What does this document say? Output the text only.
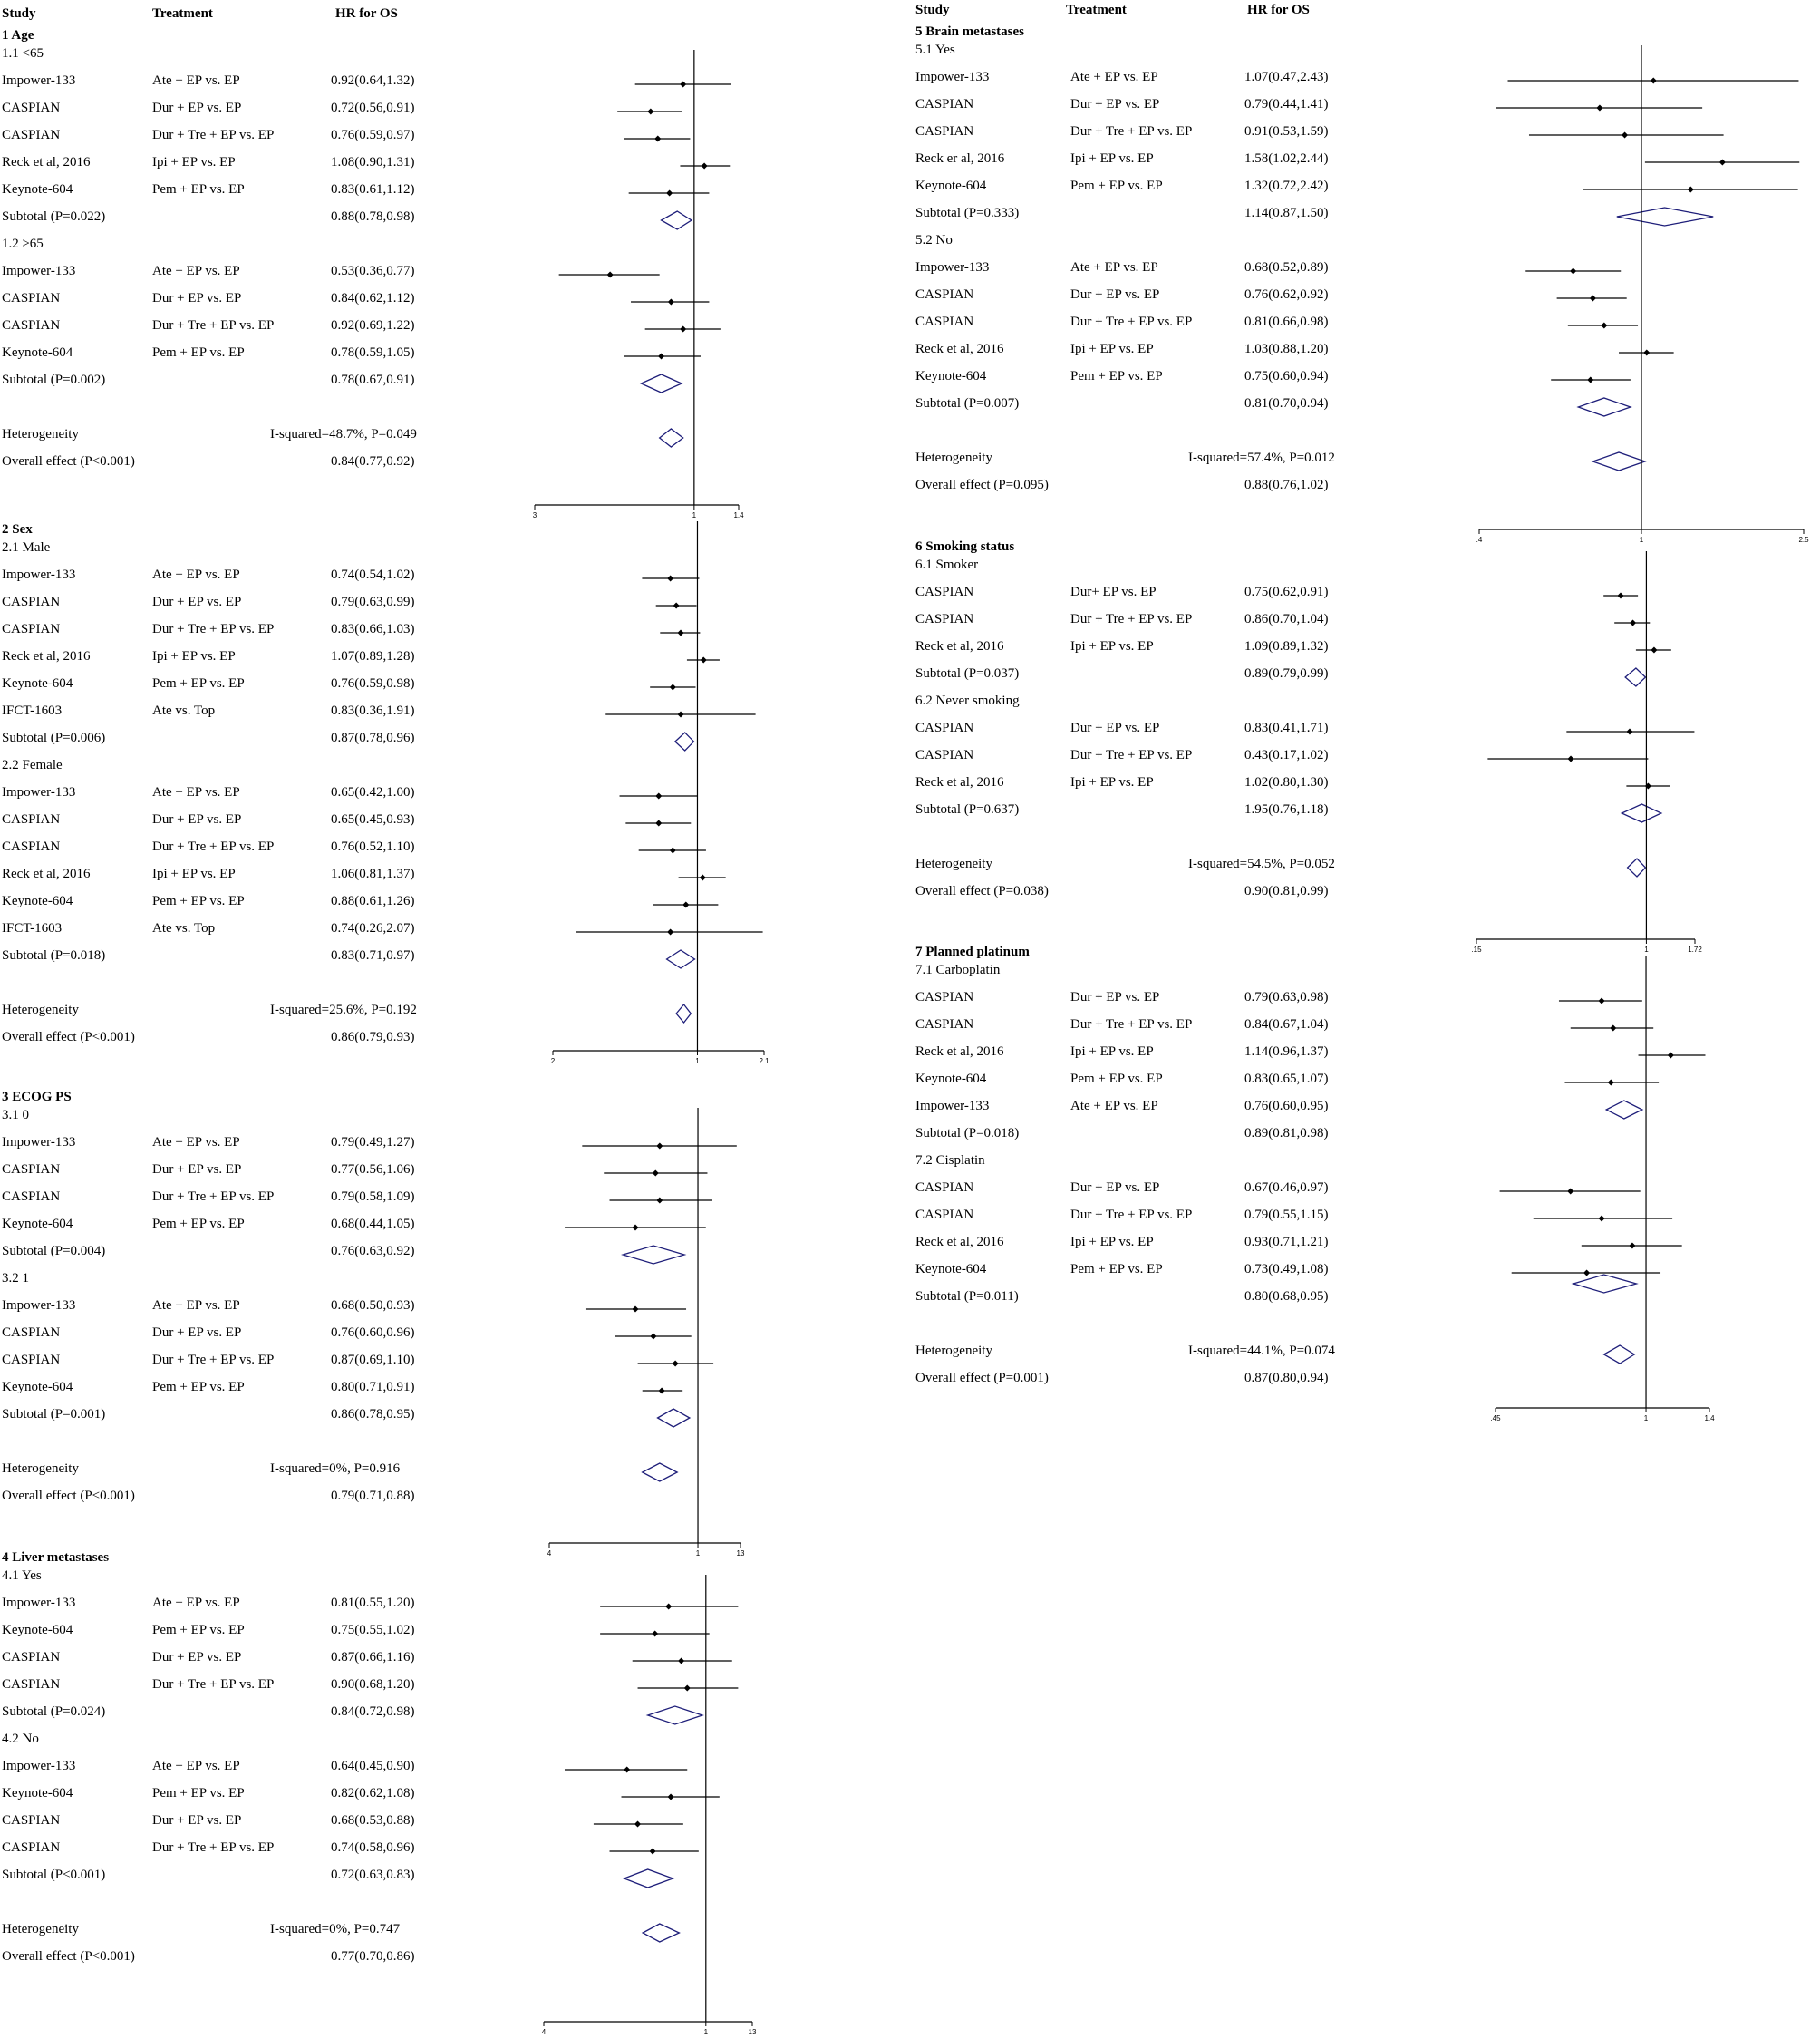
Study	Treatment	HR for OS	Study	Treatment	HR for OS
1 Age
3	1	1.4
1.1 <65
Impower-133	Ate + EP vs. EP	0.92(0.64,1.32)
CASPIAN	Dur + EP vs. EP	0.72(0.56,0.91)
CASPIAN	Dur + Tre + EP vs. EP	0.76(0.59,0.97)
Reck et al, 2016	Ipi + EP vs. EP	1.08(0.90,1.31)
Keynote-604	Pem + EP vs. EP	0.83(0.61,1.12)
Subtotal (P=0.022)	0.88(0.78,0.98)
1.2 ≥65
Impower-133	Ate + EP vs. EP	0.53(0.36,0.77)
CASPIAN	Dur + EP vs. EP	0.84(0.62,1.12)
CASPIAN	Dur + Tre + EP vs. EP	0.92(0.69,1.22)
Keynote-604	Pem + EP vs. EP	0.78(0.59,1.05)
Subtotal (P=0.002)	0.78(0.67,0.91)
Heterogeneity	I-squared=48.7%, P=0.049
Overall effect (P<0.001)	0.84(0.77,0.92)
2 Sex
2	1	2.1
2.1 Male
Impower-133	Ate + EP vs. EP	0.74(0.54,1.02)
CASPIAN	Dur + EP vs. EP	0.79(0.63,0.99)
CASPIAN	Dur + Tre + EP vs. EP	0.83(0.66,1.03)
Reck et al, 2016	Ipi + EP vs. EP	1.07(0.89,1.28)
Keynote-604	Pem + EP vs. EP	0.76(0.59,0.98)
IFCT-1603	Ate vs. Top	0.83(0.36,1.91)
Subtotal (P=0.006)	0.87(0.78,0.96)
2.2 Female
Impower-133	Ate + EP vs. EP	0.65(0.42,1.00)
CASPIAN	Dur + EP vs. EP	0.65(0.45,0.93)
CASPIAN	Dur + Tre + EP vs. EP	0.76(0.52,1.10)
Reck et al, 2016	Ipi + EP vs. EP	1.06(0.81,1.37)
Keynote-604	Pem + EP vs. EP	0.88(0.61,1.26)
IFCT-1603	Ate vs. Top	0.74(0.26,2.07)
Subtotal (P=0.018)	0.83(0.71,0.97)
Heterogeneity	I-squared=25.6%, P=0.192
Overall effect (P<0.001)	0.86(0.79,0.93)
3 ECOG PS
4	1	13
3.1 0
Impower-133	Ate + EP vs. EP	0.79(0.49,1.27)
CASPIAN	Dur + EP vs. EP	0.77(0.56,1.06)
CASPIAN	Dur + Tre + EP vs. EP	0.79(0.58,1.09)
Keynote-604	Pem + EP vs. EP	0.68(0.44,1.05)
Subtotal (P=0.004)	0.76(0.63,0.92)
3.2 1
Impower-133	Ate + EP vs. EP	0.68(0.50,0.93)
CASPIAN	Dur + EP vs. EP	0.76(0.60,0.96)
CASPIAN	Dur + Tre + EP vs. EP	0.87(0.69,1.10)
Keynote-604	Pem + EP vs. EP	0.80(0.71,0.91)
Subtotal (P=0.001)	0.86(0.78,0.95)
Heterogeneity	I-squared=0%, P=0.916
Overall effect (P<0.001)	0.79(0.71,0.88)
4 Liver metastases
4	1	13
4.1 Yes
Impower-133	Ate + EP vs. EP	0.81(0.55,1.20)
Keynote-604	Pem + EP vs. EP	0.75(0.55,1.02)
CASPIAN	Dur + EP vs. EP	0.87(0.66,1.16)
CASPIAN	Dur + Tre + EP vs. EP	0.90(0.68,1.20)
Subtotal (P=0.024)	0.84(0.72,0.98)
4.2 No
Impower-133	Ate + EP vs. EP	0.64(0.45,0.90)
Keynote-604	Pem + EP vs. EP	0.82(0.62,1.08)
CASPIAN	Dur + EP vs. EP	0.68(0.53,0.88)
CASPIAN	Dur + Tre + EP vs. EP	0.74(0.58,0.96)
Subtotal (P<0.001)	0.72(0.63,0.83)
Heterogeneity	I-squared=0%, P=0.747
Overall effect (P<0.001)	0.77(0.70,0.86)
5 Brain metastases
.4	1	2.5
5.1 Yes
Impower-133	Ate + EP vs. EP	1.07(0.47,2.43)
CASPIAN	Dur + EP vs. EP	0.79(0.44,1.41)
CASPIAN	Dur + Tre + EP vs. EP	0.91(0.53,1.59)
Reck er al, 2016	Ipi + EP vs. EP	1.58(1.02,2.44)
Keynote-604	Pem + EP vs. EP	1.32(0.72,2.42)
Subtotal (P=0.333)	1.14(0.87,1.50)
5.2 No
Impower-133	Ate + EP vs. EP	0.68(0.52,0.89)
CASPIAN	Dur + EP vs. EP	0.76(0.62,0.92)
CASPIAN	Dur + Tre + EP vs. EP	0.81(0.66,0.98)
Reck et al, 2016	Ipi + EP vs. EP	1.03(0.88,1.20)
Keynote-604	Pem + EP vs. EP	0.75(0.60,0.94)
Subtotal (P=0.007)	0.81(0.70,0.94)
Heterogeneity	I-squared=57.4%, P=0.012
Overall effect (P=0.095)	0.88(0.76,1.02)
6 Smoking status
.15	1	1.72
6.1 Smoker
CASPIAN	Dur+ EP vs. EP	0.75(0.62,0.91)
CASPIAN	Dur + Tre + EP vs. EP	0.86(0.70,1.04)
Reck et al, 2016	Ipi + EP vs. EP	1.09(0.89,1.32)
Subtotal (P=0.037)	0.89(0.79,0.99)
6.2 Never smoking
CASPIAN	Dur + EP vs. EP	0.83(0.41,1.71)
CASPIAN	Dur + Tre + EP vs. EP	0.43(0.17,1.02)
Reck et al, 2016	Ipi + EP vs. EP	1.02(0.80,1.30)
Subtotal (P=0.637)	1.95(0.76,1.18)
Heterogeneity	I-squared=54.5%, P=0.052
Overall effect (P=0.038)	0.90(0.81,0.99)
7 Planned platinum
.45	1	1.4
7.1 Carboplatin
CASPIAN	Dur + EP vs. EP	0.79(0.63,0.98)
CASPIAN	Dur + Tre + EP vs. EP	0.84(0.67,1.04)
Reck et al, 2016	Ipi + EP vs. EP	1.14(0.96,1.37)
Keynote-604	Pem + EP vs. EP	0.83(0.65,1.07)
Impower-133	Ate + EP vs. EP	0.76(0.60,0.95)
Subtotal (P=0.018)	0.89(0.81,0.98)
7.2 Cisplatin
CASPIAN	Dur + EP vs. EP	0.67(0.46,0.97)
CASPIAN	Dur + Tre + EP vs. EP	0.79(0.55,1.15)
Reck et al, 2016	Ipi + EP vs. EP	0.93(0.71,1.21)
Keynote-604	Pem + EP vs. EP	0.73(0.49,1.08)
Subtotal (P=0.011)	0.80(0.68,0.95)
Heterogeneity	I-squared=44.1%, P=0.074
Overall effect (P=0.001)	0.87(0.80,0.94)
